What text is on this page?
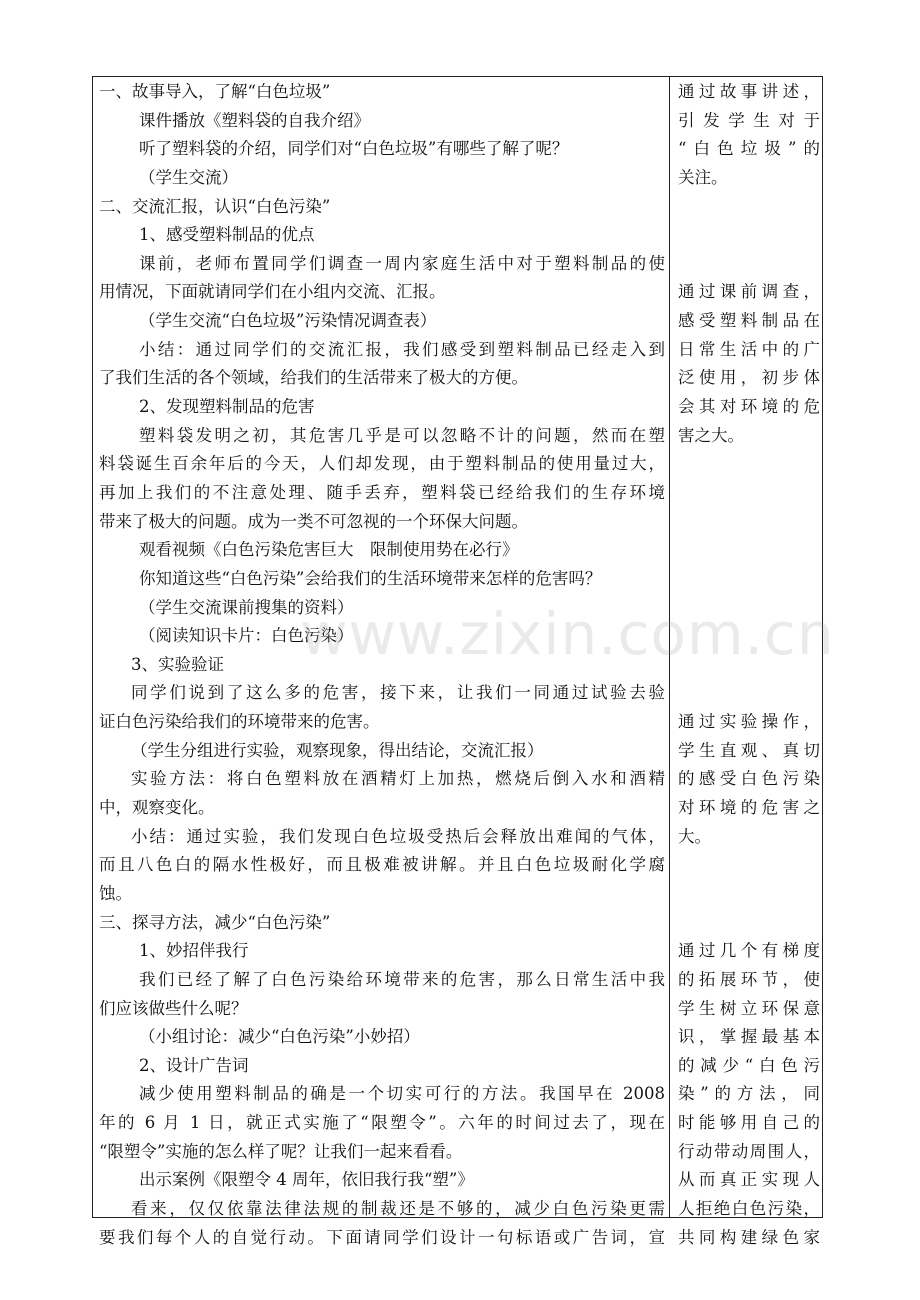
一、故事导入，了解“白色垃圾”
课件播放《塑料袋的自我介绍》
听了塑料袋的介绍，同学们对“白色垃圾”有哪些了解了呢？
（学生交流）
二、交流汇报，认识“白色污染”
1、感受塑料制品的优点
课前，老师布置同学们调查一周内家庭生活中对于塑料制品的使
用情况，下面就请同学们在小组内交流、汇报。
（学生交流“白色垃圾”污染情况调查表）
小结：通过同学们的交流汇报，我们感受到塑料制品已经走入到
了我们生活的各个领域，给我们的生活带来了极大的方便。
2、发现塑料制品的危害
塑料袋发明之初，其危害几乎是可以忽略不计的问题，然而在塑
料袋诞生百余年后的今天，人们却发现，由于塑料制品的使用量过大，
再加上我们的不注意处理、随手丢弃，塑料袋已经给我们的生存环境
带来了极大的问题。成为一类不可忽视的一个环保大问题。
观看视频《白色污染危害巨大　限制使用势在必行》
你知道这些“白色污染”会给我们的生活环境带来怎样的危害吗？
（学生交流课前搜集的资料）
（阅读知识卡片：白色污染）
3、实验验证
同学们说到了这么多的危害，接下来，让我们一同通过试验去验
证白色污染给我们的环境带来的危害。
（学生分组进行实验，观察现象，得出结论，交流汇报）
实验方法：将白色塑料放在酒精灯上加热，燃烧后倒入水和酒精
中，观察变化。
小结：通过实验，我们发现白色垃圾受热后会释放出难闻的气体，
而且八色白的隔水性极好，而且极难被讲解。并且白色垃圾耐化学腐
蚀。
三、探寻方法，减少“白色污染”
1、妙招伴我行
我们已经了解了白色污染给环境带来的危害，那么日常生活中我
们应该做些什么呢？
（小组讨论：减少“白色污染”小妙招）
2、设计广告词
减少使用塑料制品的确是一个切实可行的方法。我国早在 2008
年的 6 月 1 日，就正式实施了“限塑令”。六年的时间过去了，现在
“限塑令”实施的怎么样了呢？让我们一起来看看。
出示案例《限塑令 4 周年，依旧我行我“塑”》
看来，仅仅依靠法律法规的制裁还是不够的，减少白色污染更需
要我们每个人的自觉行动。下面请同学们设计一句标语或广告词，宣
通过故事讲述，
引发学生对于
“白色垃圾”的
关注。
通过课前调查，
感受塑料制品在
日常生活中的广
泛使用，初步体
会其对环境的危
害之大。
通过实验操作，
学生直观、真切
的感受白色污染
对环境的危害之
大。
通过几个有梯度
的拓展环节，使
学生树立环保意
识，掌握最基本
的减少“白色污
染”的方法，同
时能够用自己的
行动带动周围人，
从而真正实现人
人拒绝白色污染，
共同构建绿色家
www.zixin.com.cn
